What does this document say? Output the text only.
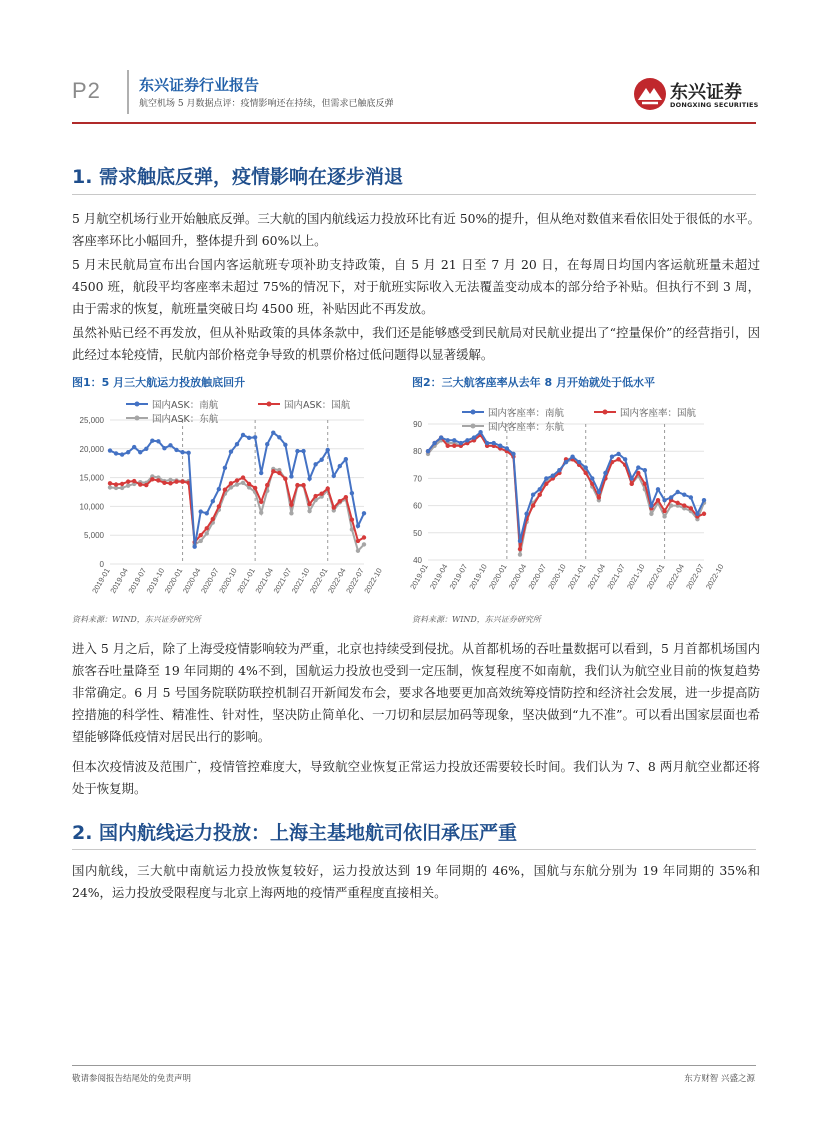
P2	东兴证券行业报告
航空机场 5 月数据点评：疫情影响还在持续，但需求已触底反弹
东兴证券
DONGXING SECURITIES
1. 需求触底反弹，疫情影响在逐步消退
5 月航空机场行业开始触底反弹。三大航的国内航线运力投放环比有近 50%的提升，但从绝对数值来看依旧处于很低的水平。客座率环比小幅回升，整体提升到 60%以上。
5 月末民航局宣布出台国内客运航班专项补助支持政策，自 5 月 21 日至 7 月 20 日，在每周日均国内客运航班量未超过 4500 班，航段平均客座率未超过 75%的情况下，对于航班实际收入无法覆盖变动成本的部分给予补贴。但执行不到 3 周，由于需求的恢复，航班量突破日均 4500 班，补贴因此不再发放。
虽然补贴已经不再发放，但从补贴政策的具体条款中，我们还是能够感受到民航局对民航业提出了“控量保价”的经营指引，因此经过本轮疫情，民航内部价格竞争导致的机票价格过低问题得以显著缓解。
图1：5 月三大航运力投放触底回升
0
5,000
10,000
15,000
20,000
25,000
2019-01
2019-04
2019-07
2019-10
2020-01
2020-04
2020-07
2020-10
2021-01
2021-04
2021-07
2021-10
2022-01
2022-04
2022-07
2022-10
国内ASK：南航	国内ASK：国航
国内ASK：东航
资料来源：WIND，东兴证券研究所
图2：三大航客座率从去年 8 月开始就处于低水平
40
50
60
70
80
90
2019-01
2019-04
2019-07
2019-10
2020-01
2020-04
2020-07
2020-10
2021-01
2021-04
2021-07
2021-10
2022-01
2022-04
2022-07
2022-10
国内客座率：南航	国内客座率：国航
国内客座率：东航
资料来源：WIND，东兴证券研究所
进入 5 月之后，除了上海受疫情影响较为严重，北京也持续受到侵扰。从首都机场的吞吐量数据可以看到，5 月首都机场国内旅客吞吐量降至 19 年同期的 4%不到，国航运力投放也受到一定压制，恢复程度不如南航，我们认为航空业目前的恢复趋势非常确定。6 月 5 号国务院联防联控机制召开新闻发布会，要求各地要更加高效统筹疫情防控和经济社会发展，进一步提高防控措施的科学性、精准性、针对性，坚决防止简单化、一刀切和层层加码等现象，坚决做到“九不准”。可以看出国家层面也希望能够降低疫情对居民出行的影响。
但本次疫情波及范围广，疫情管控难度大，导致航空业恢复正常运力投放还需要较长时间。我们认为 7、8 两月航空业都还将处于恢复期。
2. 国内航线运力投放：上海主基地航司依旧承压严重
国内航线，三大航中南航运力投放恢复较好，运力投放达到 19 年同期的 46%，国航与东航分别为 19 年同期的 35%和 24%，运力投放受限程度与北京上海两地的疫情严重程度直接相关。
敬请参阅报告结尾处的免责声明	东方财智 兴盛之源
